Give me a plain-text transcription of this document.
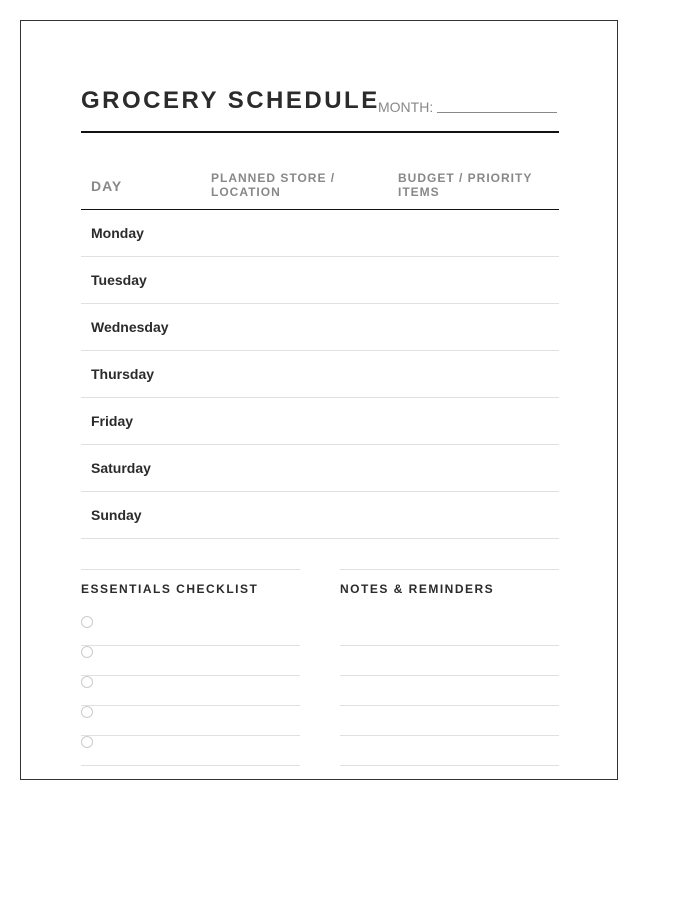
GROCERY SCHEDULE
MONTH:
DAY	PLANNED STORE / LOCATION
BUDGET / PRIORITY ITEMS
Monday
Tuesday
Wednesday
Thursday
Friday
Saturday
Sunday
ESSENTIALS CHECKLIST	NOTES & REMINDERS
